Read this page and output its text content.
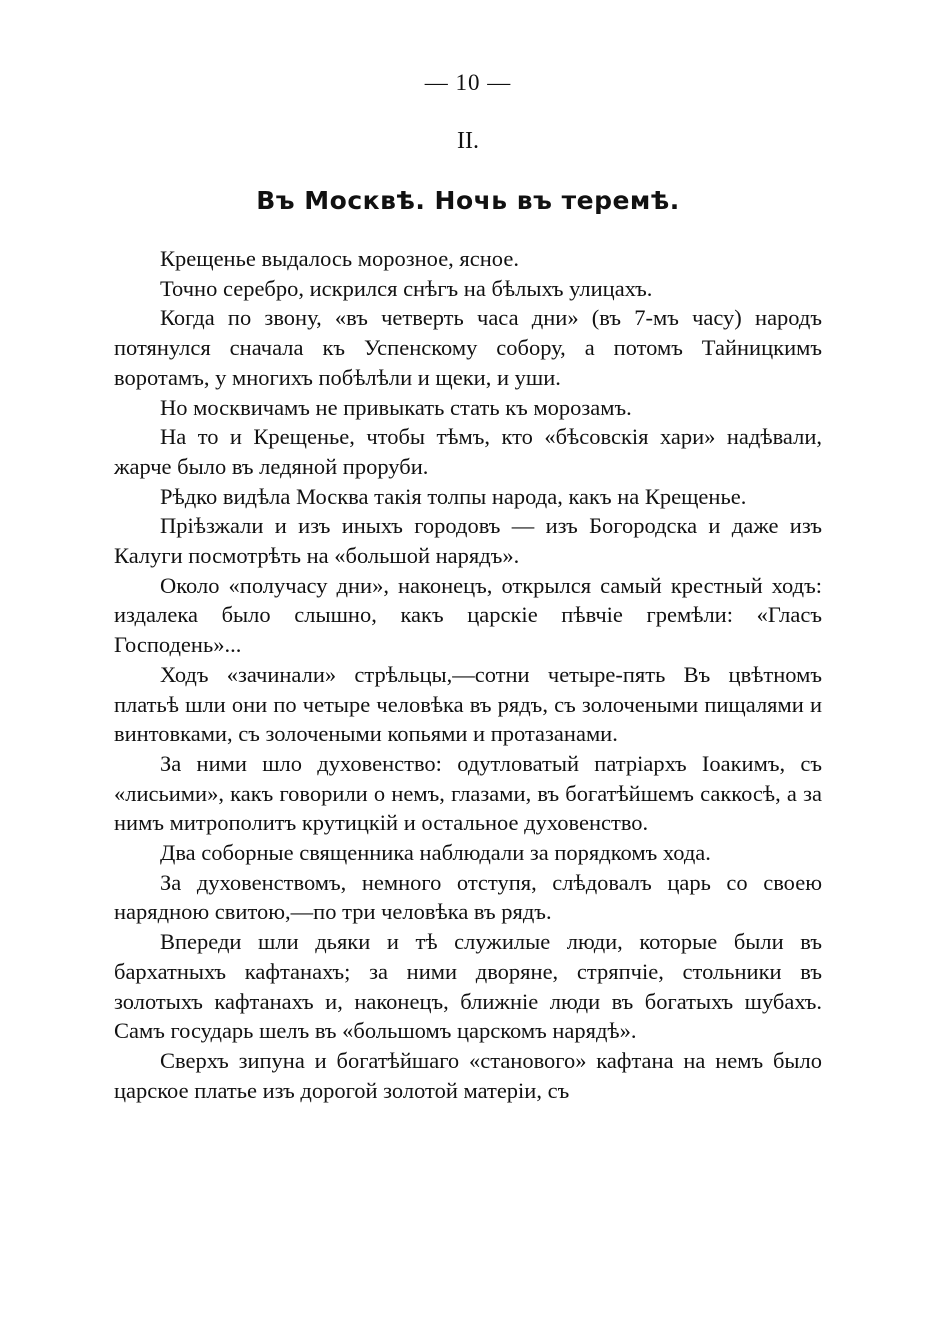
— 10 —
II.
Въ Москвѣ. Ночь въ теремѣ.

Крещенье выдалось морозное, ясное.

Точно серебро, искрился снѣгъ на бѣлыхъ улицахъ.

Когда по звону, «въ четверть часа дни» (въ 7-мъ часу) народъ потянулся сначала къ Успенскому собору, а потомъ Тайницкимъ воротамъ, у многихъ побѣлѣли и щеки, и уши.

Но москвичамъ не привыкать стать къ морозамъ.

На то и Крещенье, чтобы тѣмъ, кто «бѣсовскія хари» надѣвали, жарче было въ ледяной проруби.

Рѣдко видѣла Москва такія толпы народа, какъ на Крещенье.

Пріѣзжали и изъ иныхъ городовъ — изъ Богородска и даже изъ Калуги посмотрѣть на «большой нарядъ».

Около «получасу дни», наконецъ, открылся самый крестный ходъ: издалека было слышно, какъ царскіе пѣвчіе гремѣли: «Гласъ Господень»...

Ходъ «зачинали» стрѣльцы,—сотни четыре-пять Въ цвѣтномъ платьѣ шли они по четыре человѣка въ рядъ, съ золочеными пищалями и винтовками, съ золочеными копьями и протазанами.

За ними шло духовенство: одутловатый патріархъ Іоакимъ, съ «лисьими», какъ говорили о немъ, глазами, въ богатѣйшемъ саккосѣ, а за нимъ митрополитъ крутицкій и остальное духовенство.

Два соборные священника наблюдали за порядкомъ хода.

За духовенствомъ, немного отступя, слѣдовалъ царь со своею нарядною свитою,—по три человѣка въ рядъ.

Впереди шли дьяки и тѣ служилые люди, которые были въ бархатныхъ кафтанахъ; за ними дворяне, стряпчіе, стольники въ золотыхъ кафтанахъ и, наконецъ, ближніе люди въ богатыхъ шубахъ. Самъ государь шелъ въ «большомъ царскомъ нарядѣ».

Сверхъ зипуна и богатѣйшаго «станового» кафтана на немъ было царское платье изъ дорогой золотой матеріи, съ
